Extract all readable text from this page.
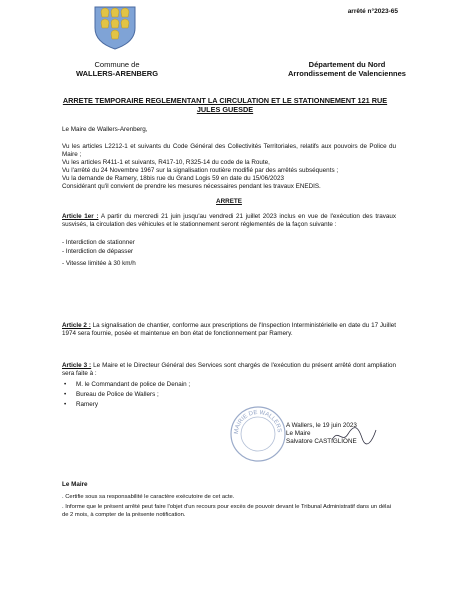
arrêté n°2023-65
Commune de
WALLERS-ARENBERG
Département du Nord
Arrondissement de Valenciennes
ARRETE TEMPORAIRE REGLEMENTANT LA CIRCULATION ET LE STATIONNEMENT 121 RUE
JULES GUESDE
Le Maire de Wallers-Arenberg,
Vu les articles L2212-1 et suivants du Code Général des Collectivités Territoriales, relatifs aux pouvoirs de Police du Maire ;
Vu les articles R411-1 et suivants, R417-10, R325-14 du code de la Route,
Vu l'arrêté du 24 Novembre 1967 sur la signalisation routière modifié par des arrêtés subséquents ;
Vu la demande de Ramery, 18bis rue du Grand Logis 59 en date du 15/06/2023
Considérant qu'il convient de prendre les mesures nécessaires pendant les travaux ENEDIS.
ARRETE
Article 1er : A partir du mercredi 21 juin jusqu'au vendredi 21 juillet 2023 inclus en vue de l'exécution des travaux susvisés, la circulation des véhicules et le stationnement seront réglementés de la façon suivante :
- Interdiction de stationner
- Interdiction de dépasser
- Vitesse limitée à 30 km/h
Article 2 : La signalisation de chantier, conforme aux prescriptions de l'Inspection Interministérielle en date du 17 Juillet 1974 sera fournie, posée et maintenue en bon état de fonctionnement par Ramery.
Article 3 : Le Maire et le Directeur Général des Services sont chargés de l'exécution du présent arrêté dont ampliation sera faite à :
• M. le Commandant de police de Denain ;
• Bureau de Police de Wallers ;
• Ramery
MAIRIE DE WALLERS
A Wallers, le 19 juin 2023
Le Maire
Salvatore CASTIGLIONE
Le Maire
. Certifie sous sa responsabilité le caractère exécutoire de cet acte.
. Informe que le présent arrêté peut faire l'objet d'un recours pour excès de pouvoir devant le Tribunal Administratif dans un délai de 2 mois, à compter de la présente notification.
